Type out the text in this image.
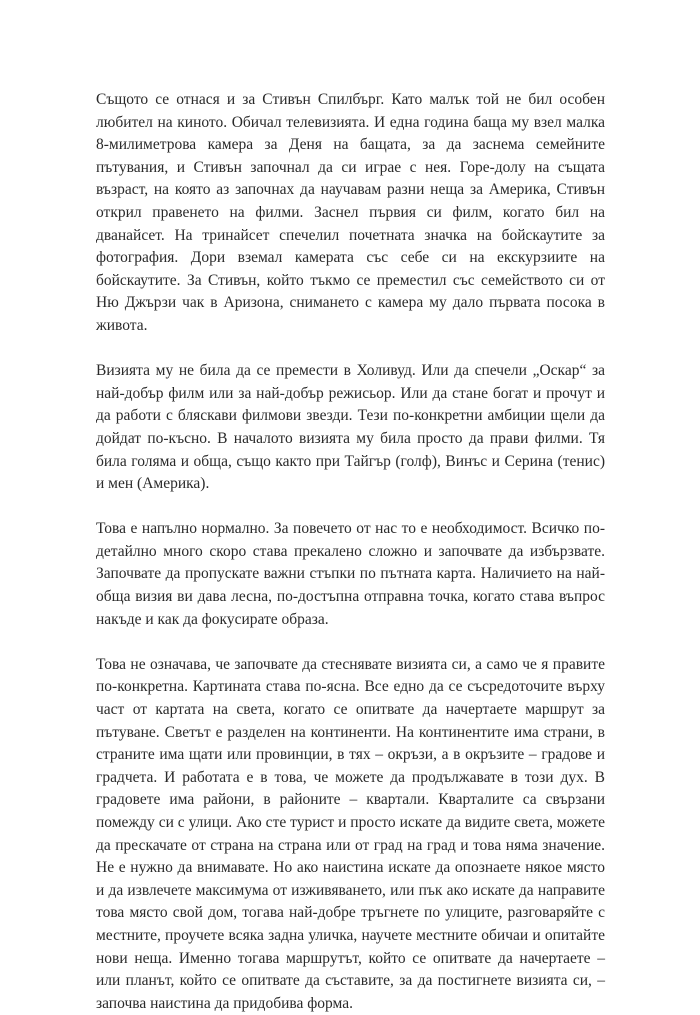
Същото се отнася и за Стивън Спилбърг. Като малък той не бил особен любител на киното. Обичал телевизията. И една година баща му взел малка 8-милиметрова камера за Деня на бащата, за да заснема семейните пътувания, и Стивън започнал да си играе с нея. Горе-долу на същата възраст, на която аз започнах да научавам разни неща за Америка, Стивън открил правенето на филми. Заснел първия си филм, когато бил на дванайсет. На тринайсет спечелил почетната значка на бойскаутите за фотография. Дори вземал камерата със себе си на екскурзиите на бойскаутите. За Стивън, който тъкмо се преместил със семейството си от Ню Джързи чак в Аризона, снимането с камера му дало първата посока в живота.

Визията му не била да се премести в Холивуд. Или да спечели „Оскар“ за най-добър филм или за най-добър режисьор. Или да стане богат и прочут и да работи с бляскави филмови звезди. Тези по-конкретни амбиции щели да дойдат по-късно. В началото визията му била просто да прави филми. Тя била голяма и обща, също както при Тайгър (голф), Винъс и Серина (тенис) и мен (Америка).

Това е напълно нормално. За повечето от нас то е необходимост. Всичко по-детайлно много скоро става прекалено сложно и започвате да избързвате. Започвате да пропускате важни стъпки по пътната карта. Наличието на най-обща визия ви дава лесна, по-достъпна отправна точка, когато става въпрос накъде и как да фокусирате образа.

Това не означава, че започвате да стеснявате визията си, а само че я правите по-конкретна. Картината става по-ясна. Все едно да се съсредоточите върху част от картата на света, когато се опитвате да начертаете маршрут за пътуване. Светът е разделен на континенти. На континентите има страни, в страните има щати или провинции, в тях – окръзи, а в окръзите – градове и градчета. И работата е в това, че можете да продължавате в този дух. В градовете има райони, в районите – квартали. Кварталите са свързани помежду си с улици. Ако сте турист и просто искате да видите света, можете да прескачате от страна на страна или от град на град и това няма значение. Не е нужно да внимавате. Но ако наистина искате да опознаете някое място и да извлечете максимума от изживяването, или пък ако искате да направите това място свой дом, тогава най-добре тръгнете по улиците, разговаряйте с местните, проучете всяка задна уличка, научете местните обичаи и опитайте нови неща. Именно тогава маршрутът, който се опитвате да начертаете – или планът, който се опитвате да съставите, за да постигнете визията си, – започва наистина да придобива форма.
